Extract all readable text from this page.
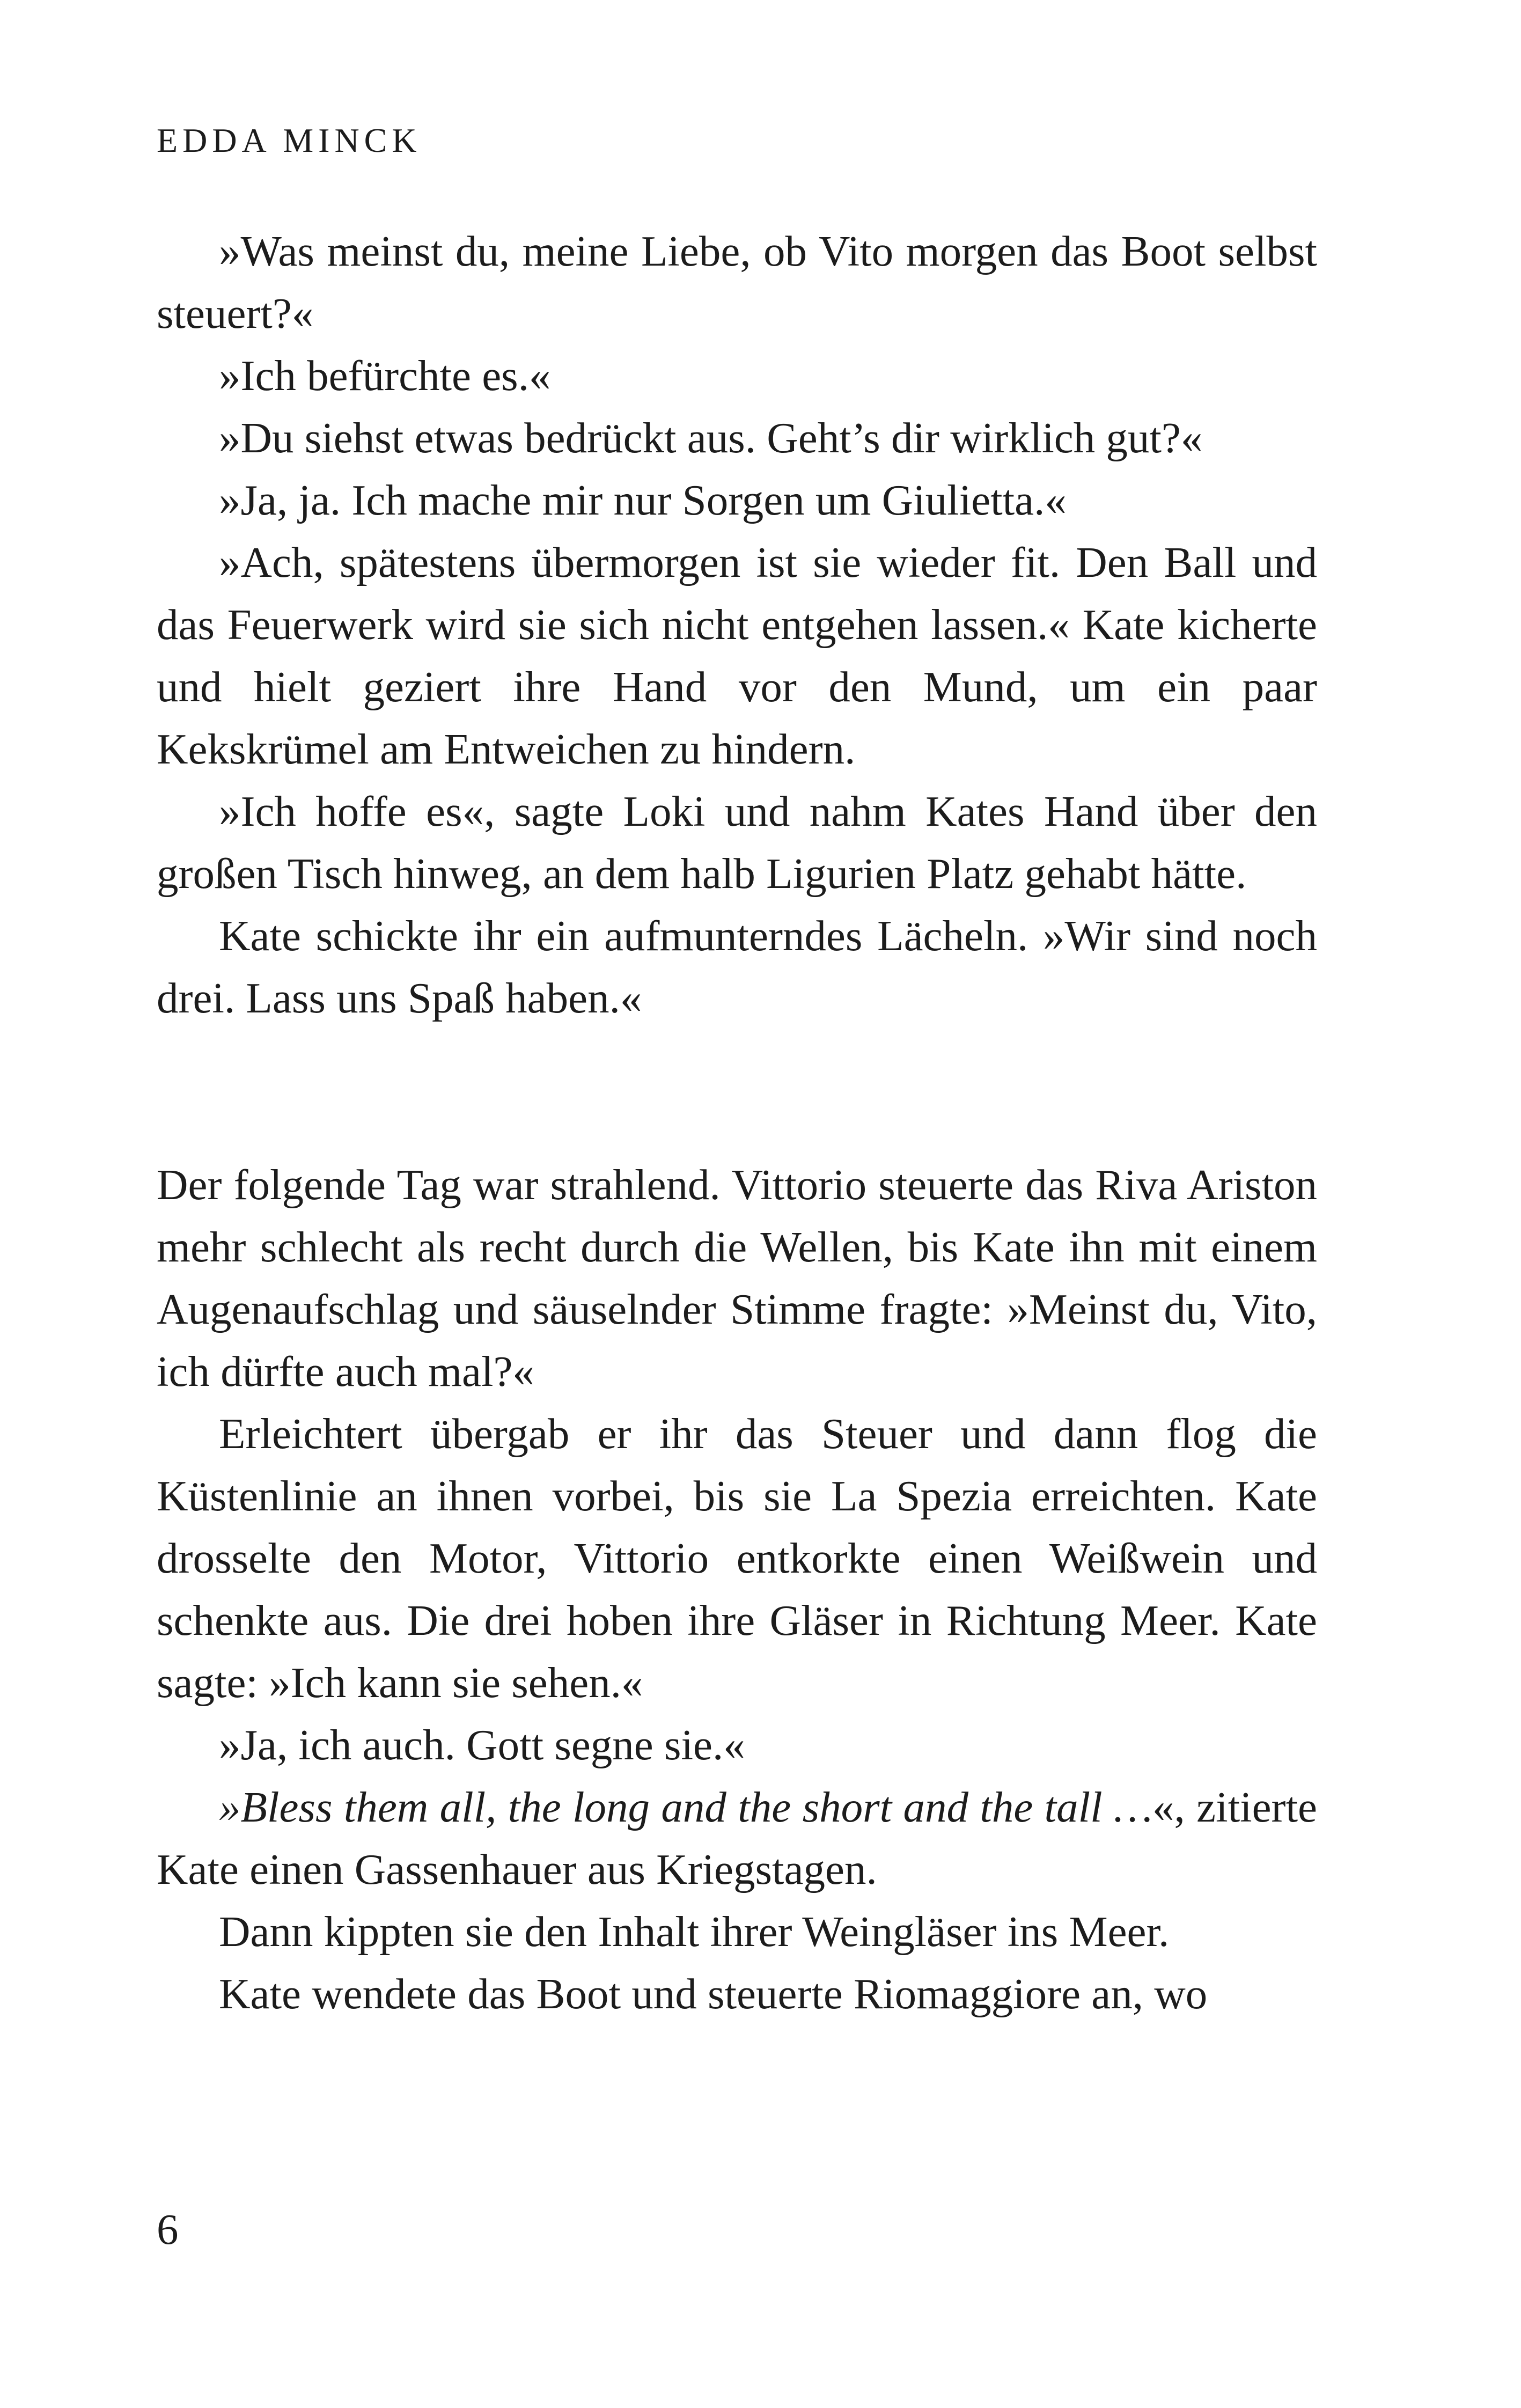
EDDA MINCK

»Was meinst du, meine Liebe, ob Vito morgen das Boot selbst steuert?«

»Ich befürchte es.«

»Du siehst etwas bedrückt aus. Geht’s dir wirklich gut?«

»Ja, ja. Ich mache mir nur Sorgen um Giulietta.«

»Ach, spätestens übermorgen ist sie wieder fit. Den Ball und das Feuerwerk wird sie sich nicht entgehen lassen.« Kate kicherte und hielt geziert ihre Hand vor den Mund, um ein paar Kekskrümel am Entweichen zu hindern.

»Ich hoffe es«, sagte Loki und nahm Kates Hand über den großen Tisch hinweg, an dem halb Ligurien Platz gehabt hätte.

Kate schickte ihr ein aufmunterndes Lächeln. »Wir sind noch drei. Lass uns Spaß haben.«

Der folgende Tag war strahlend. Vittorio steuerte das Riva Ariston mehr schlecht als recht durch die Wellen, bis Kate ihn mit einem Augenaufschlag und säuselnder Stimme fragte: »Meinst du, Vito, ich dürfte auch mal?«

Erleichtert übergab er ihr das Steuer und dann flog die Küstenlinie an ihnen vorbei, bis sie La Spezia erreichten. Kate drosselte den Motor, Vittorio entkorkte einen Weißwein und schenkte aus. Die drei hoben ihre Gläser in Richtung Meer. Kate sagte: »Ich kann sie sehen.«

»Ja, ich auch. Gott segne sie.«

»Bless them all, the long and the short and the tall …«, zitierte Kate einen Gassenhauer aus Kriegstagen.

Dann kippten sie den Inhalt ihrer Weingläser ins Meer.

Kate wendete das Boot und steuerte Riomaggiore an, wo

6
